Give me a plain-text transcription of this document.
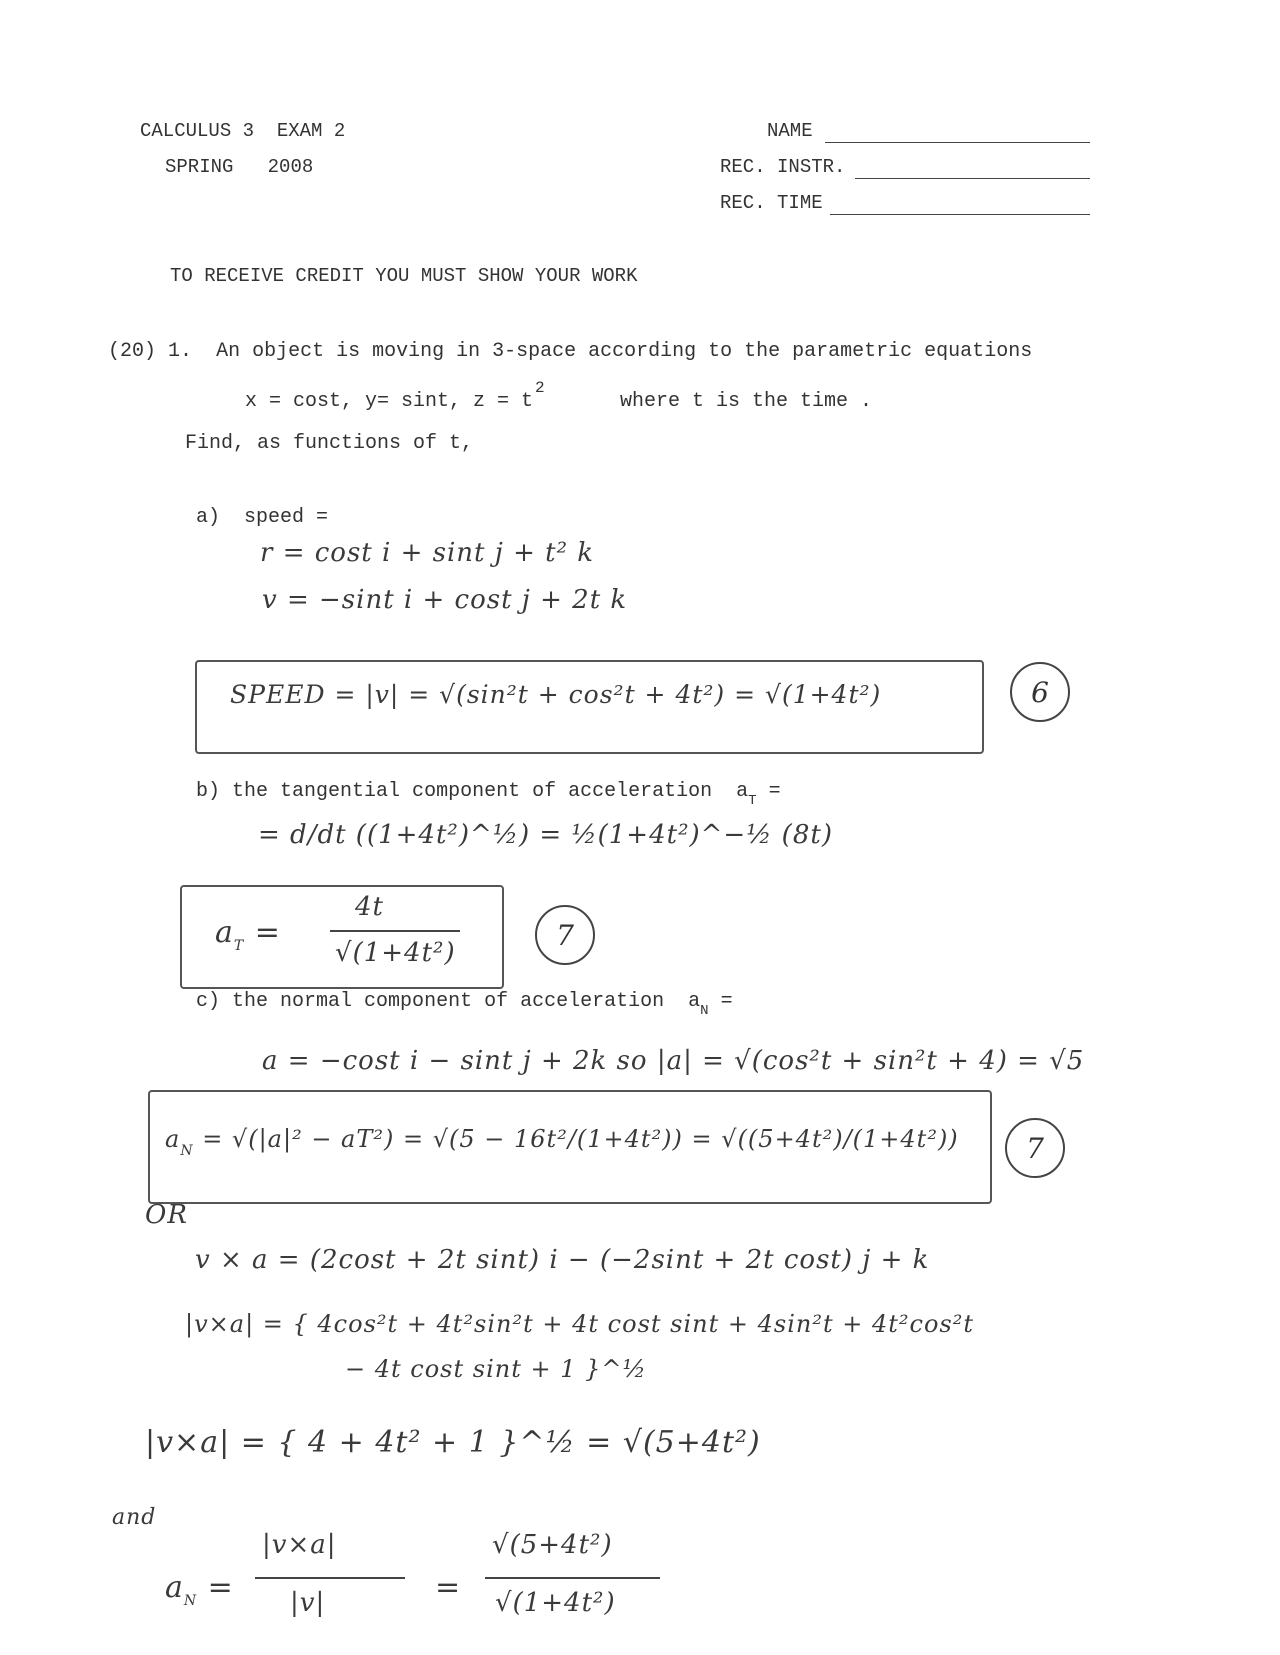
CALCULUS 3 EXAM 2
SPRING 2008
NAME
REC. INSTR.
REC. TIME
TO RECEIVE CREDIT YOU MUST SHOW YOUR WORK
(20) 1. An object is moving in 3-space according to the parametric equations
x = cost, y= sint, $z = t^2$
where t is the time .
Find, as functions of t,
a) speed =
r = cost i + sint j + t² k
v = −sint i + cost j + 2t k
SPEED = |v| = √(sin²t + cos²t + 4t²) = √(1+4t²)	6
b) the tangential component of acceleration $a_T$ =
= d/dt ((1+4t²)^½) = ½(1+4t²)^−½ (8t)
$a_T$ =
4t
√(1+4t²)
7
c) the normal component of acceleration $a_N$ =
a = −cost i − sint j + 2k so |a| = √(cos²t + sin²t + 4) = √5
$a_N = √(|a|^2 - aT^2) = √(5 - 16t^2/(1+4t^2)) = √((5+4t^2)/(1+4t^2))$	7
OR
v × a = (2cost + 2t sint) i − (−2sint + 2t cost) j + k
|v×a| = { 4cos²t + 4t²sin²t + 4t cost sint + 4sin²t + 4t²cos²t
− 4t cost sint + 1 }^½
|v×a| = { 4 + 4t² + 1 }^½ = √(5+4t²)
and
$a_N$ =
|v×a|
|v|	=
√(5+4t²)
√(1+4t²)
